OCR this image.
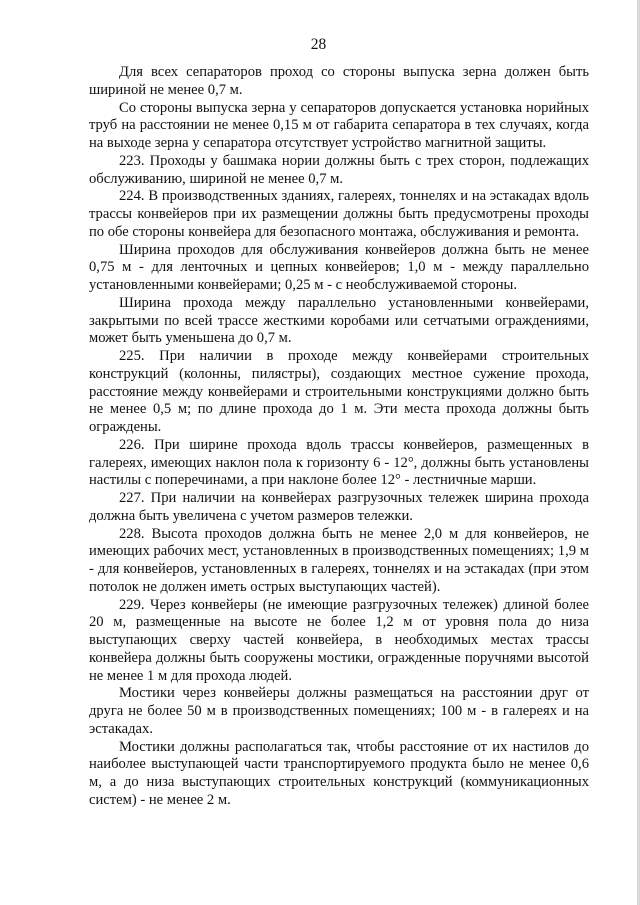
28

Для всех сепараторов проход со стороны выпуска зерна должен быть шириной не менее 0,7 м.

Со стороны выпуска зерна у сепараторов допускается установка норийных труб на расстоянии не менее 0,15 м от габарита сепаратора в тех случаях, когда на выходе зерна у сепаратора отсутствует устройство магнитной защиты.

223. Проходы у башмака нории должны быть с трех сторон, подлежащих обслуживанию, шириной не менее 0,7 м.

224. В производственных зданиях, галереях, тоннелях и на эстакадах вдоль трассы конвейеров при их размещении должны быть предусмотрены проходы по обе стороны конвейера для безопасного монтажа, обслуживания и ремонта.

Ширина проходов для обслуживания конвейеров должна быть не менее 0,75 м - для ленточных и цепных конвейеров; 1,0 м - между параллельно установленными конвейерами; 0,25 м - с необслуживаемой стороны.

Ширина прохода между параллельно установленными конвейерами, закрытыми по всей трассе жесткими коробами или сетчатыми ограждениями, может быть уменьшена до 0,7 м.

225. При наличии в проходе между конвейерами строительных конструкций (колонны, пилястры), создающих местное сужение прохода, расстояние между конвейерами и строительными конструкциями должно быть не менее 0,5 м; по длине прохода до 1 м. Эти места прохода должны быть ограждены.

226. При ширине прохода вдоль трассы конвейеров, размещенных в галереях, имеющих наклон пола к горизонту 6 - 12°, должны быть установлены настилы с поперечинами, а при наклоне более 12° - лестничные марши.

227. При наличии на конвейерах разгрузочных тележек ширина прохода должна быть увеличена с учетом размеров тележки.

228. Высота проходов должна быть не менее 2,0 м для конвейеров, не имеющих рабочих мест, установленных в производственных помещениях; 1,9 м - для конвейеров, установленных в галереях, тоннелях и на эстакадах (при этом потолок не должен иметь острых выступающих частей).

229. Через конвейеры (не имеющие разгрузочных тележек) длиной более 20 м, размещенные на высоте не более 1,2 м от уровня пола до низа выступающих сверху частей конвейера, в необходимых местах трассы конвейера должны быть сооружены мостики, огражденные поручнями высотой не менее 1 м для прохода людей.

Мостики через конвейеры должны размещаться на расстоянии друг от друга не более 50 м в производственных помещениях; 100 м - в галереях и на эстакадах.

Мостики должны располагаться так, чтобы расстояние от их настилов до наиболее выступающей части транспортируемого продукта было не менее 0,6 м, а до низа выступающих строительных конструкций (коммуникационных систем) - не менее 2 м.
